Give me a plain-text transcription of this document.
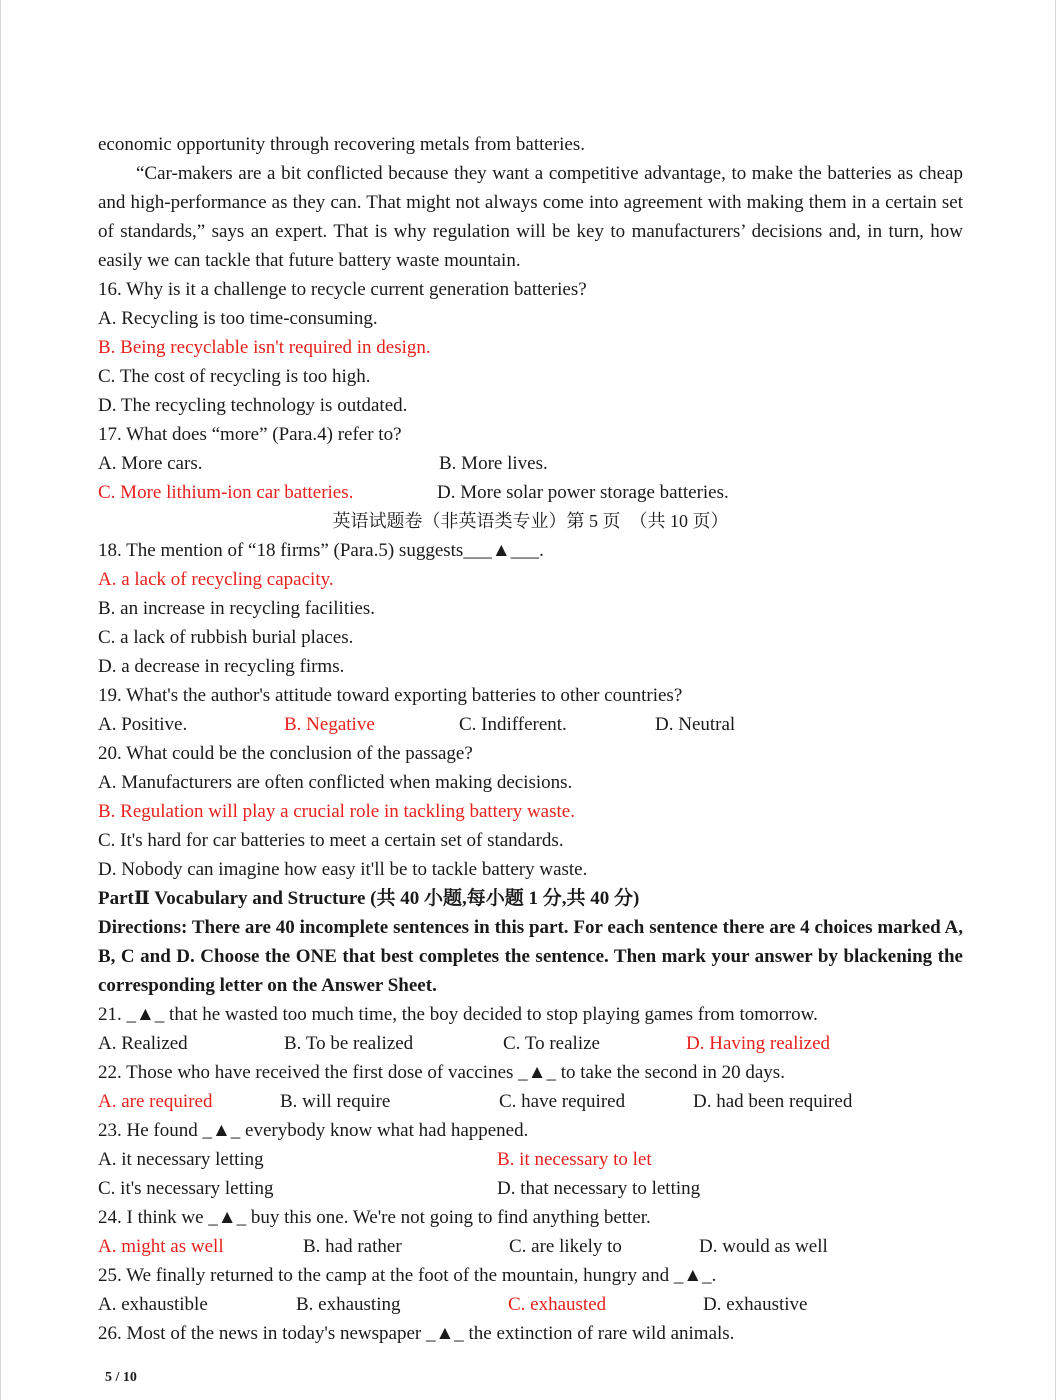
economic opportunity through recovering metals from batteries.
“Car-makers are a bit conflicted because they want a competitive advantage, to make the batteries as cheap and high-performance as they can. That might not always come into agreement with making them in a certain set of standards,” says an expert. That is why regulation will be key to manufacturers’ decisions and, in turn, how easily we can tackle that future battery waste mountain.
16. Why is it a challenge to recycle current generation batteries?
A. Recycling is too time-consuming.
B. Being recyclable isn't required in design.
C. The cost of recycling is too high.
D. The recycling technology is outdated.
17. What does “more” (Para.4) refer to?
A. More cars.	B. More lives.
C. More lithium-ion car batteries.	D. More solar power storage batteries.
英语试题卷（非英语类专业）第 5 页　（共 10 页）
18. The mention of “18 firms” (Para.5) suggests___▲___.
A. a lack of recycling capacity.
B. an increase in recycling facilities.
C. a lack of rubbish burial places.
D. a decrease in recycling firms.
19. What's the author's attitude toward exporting batteries to other countries?
A. Positive.	B. Negative	C. Indifferent.	D. Neutral
20. What could be the conclusion of the passage?
A. Manufacturers are often conflicted when making decisions.
B. Regulation will play a crucial role in tackling battery waste.
C. It's hard for car batteries to meet a certain set of standards.
D. Nobody can imagine how easy it'll be to tackle battery waste.
PartⅡ Vocabulary and Structure (共 40 小题,每小题 1 分,共 40 分)
Directions: There are 40 incomplete sentences in this part. For each sentence there are 4 choices marked A, B, C and D. Choose the ONE that best completes the sentence. Then mark your answer by blackening the corresponding letter on the Answer Sheet.
21. _▲_ that he wasted too much time, the boy decided to stop playing games from tomorrow.
A. Realized	B. To be realized	C. To realize	D. Having realized
22. Those who have received the first dose of vaccines _▲_ to take the second in 20 days.
A. are required	B. will require	C. have required	D. had been required
23. He found _▲_ everybody know what had happened.
A. it necessary letting	B. it necessary to let
C. it's necessary letting	D. that necessary to letting
24. I think we _▲_ buy this one. We're not going to find anything better.
A. might as well	B. had rather	C. are likely to	D. would as well
25. We finally returned to the camp at the foot of the mountain, hungry and _▲_.
A. exhaustible	B. exhausting	C. exhausted	D. exhaustive
26. Most of the news in today's newspaper _▲_ the extinction of rare wild animals.
5 / 10
